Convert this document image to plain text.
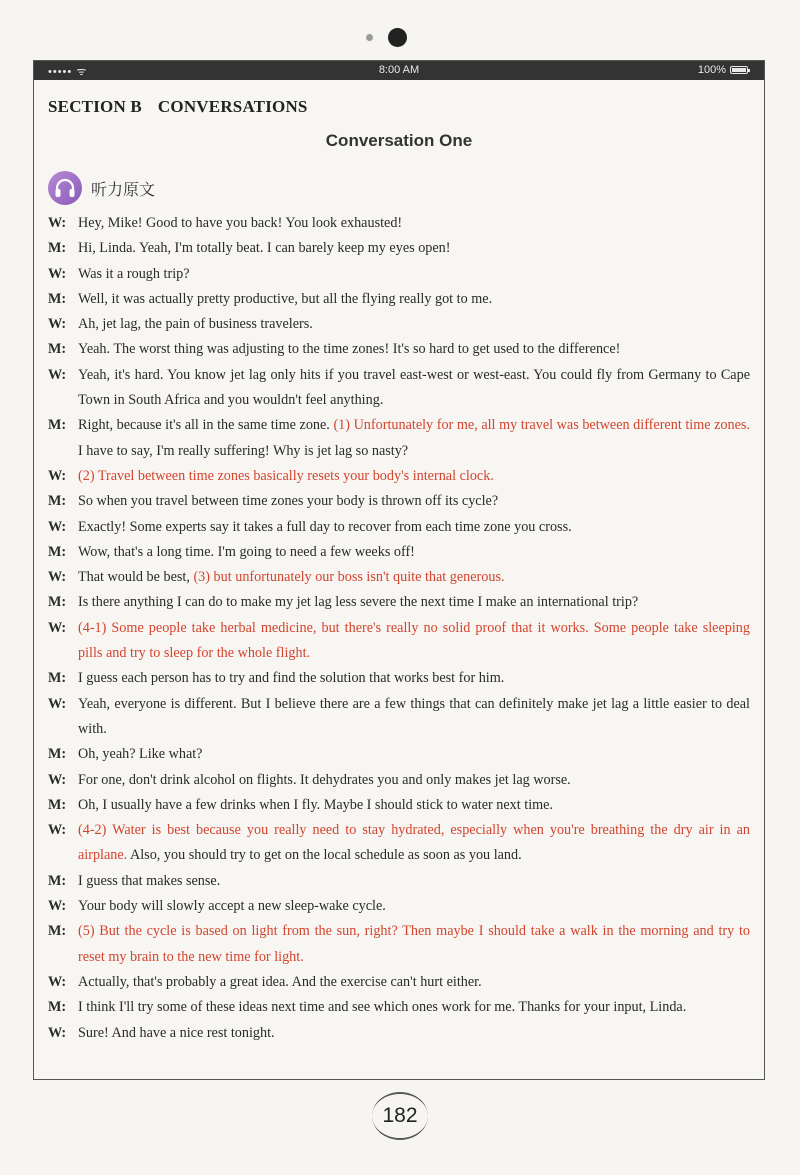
••••• ᯤ	8:00 AM	100%
SECTION B CONVERSATIONS
Conversation One
听力原文
W: Hey, Mike! Good to have you back! You look exhausted!
M: Hi, Linda. Yeah, I'm totally beat. I can barely keep my eyes open!
W: Was it a rough trip?
M: Well, it was actually pretty productive, but all the flying really got to me.
W: Ah, jet lag, the pain of business travelers.
M: Yeah. The worst thing was adjusting to the time zones! It's so hard to get used to the difference!
W: Yeah, it's hard. You know jet lag only hits if you travel east-west or west-east. You could fly from Germany to Cape Town in South Africa and you wouldn't feel anything.
M: Right, because it's all in the same time zone. (1) Unfortunately for me, all my travel was between different time zones. I have to say, I'm really suffering! Why is jet lag so nasty?
W: (2) Travel between time zones basically resets your body's internal clock.
M: So when you travel between time zones your body is thrown off its cycle?
W: Exactly! Some experts say it takes a full day to recover from each time zone you cross.
M: Wow, that's a long time. I'm going to need a few weeks off!
W: That would be best, (3) but unfortunately our boss isn't quite that generous.
M: Is there anything I can do to make my jet lag less severe the next time I make an international trip?
W: (4-1) Some people take herbal medicine, but there's really no solid proof that it works. Some people take sleeping pills and try to sleep for the whole flight.
M: I guess each person has to try and find the solution that works best for him.
W: Yeah, everyone is different. But I believe there are a few things that can definitely make jet lag a little easier to deal with.
M: Oh, yeah? Like what?
W: For one, don't drink alcohol on flights. It dehydrates you and only makes jet lag worse.
M: Oh, I usually have a few drinks when I fly. Maybe I should stick to water next time.
W: (4-2) Water is best because you really need to stay hydrated, especially when you're breathing the dry air in an airplane. Also, you should try to get on the local schedule as soon as you land.
M: I guess that makes sense.
W: Your body will slowly accept a new sleep-wake cycle.
M: (5) But the cycle is based on light from the sun, right? Then maybe I should take a walk in the morning and try to reset my brain to the new time for light.
W: Actually, that's probably a great idea. And the exercise can't hurt either.
M: I think I'll try some of these ideas next time and see which ones work for me. Thanks for your input, Linda.
W: Sure! And have a nice rest tonight.
182
